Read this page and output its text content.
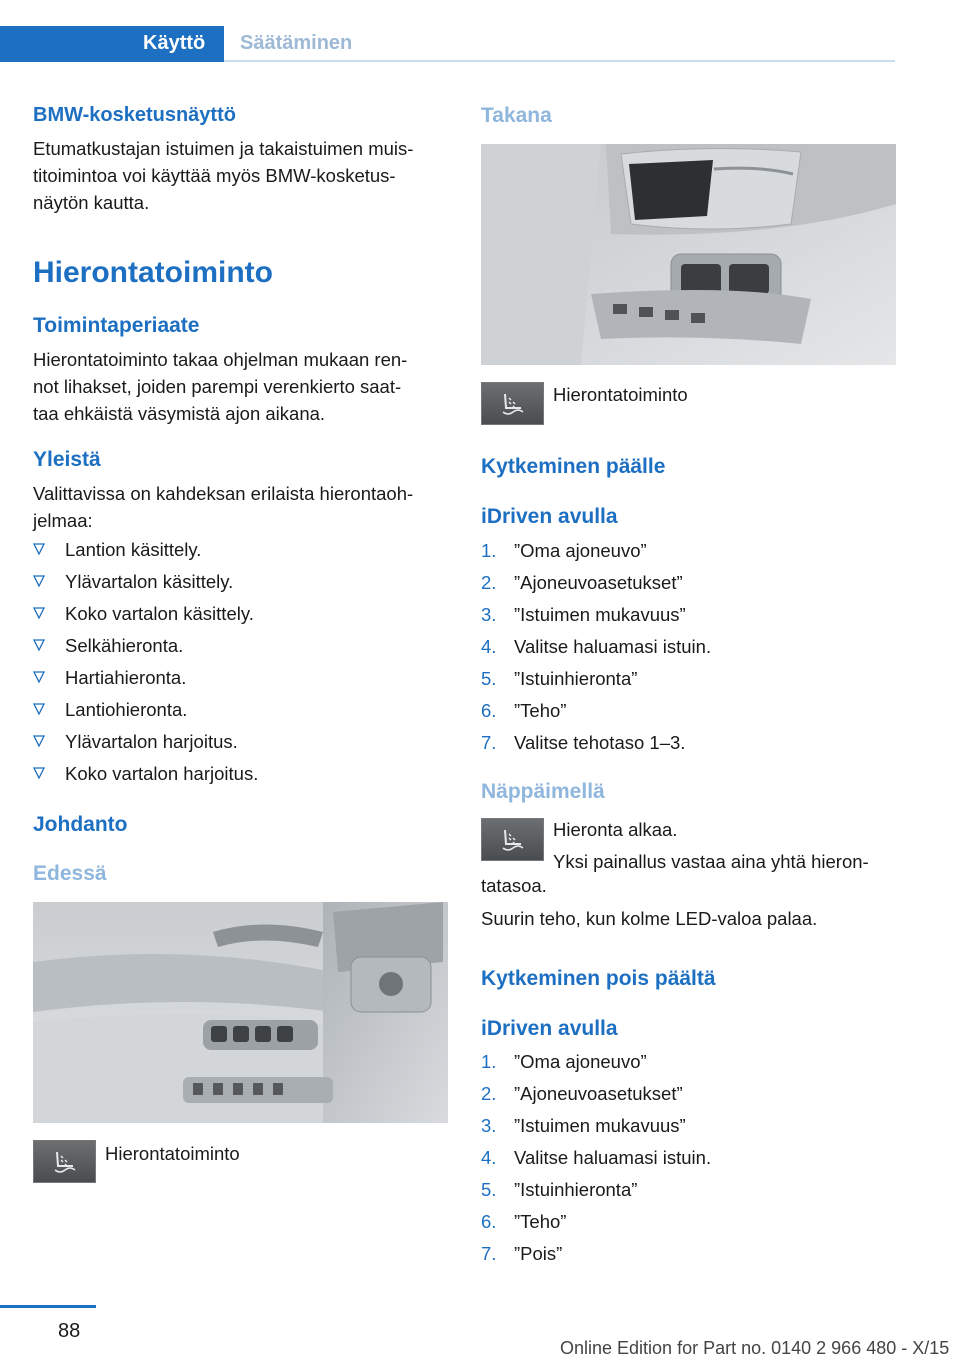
Käyttö	Säätäminen
BMW-kosketusnäyttö
Etumatkustajan istuimen ja takaistuimen muis-
titoimintoa voi käyttää myös BMW-kosketus-
näytön kautta.
Hierontatoiminto
Toimintaperiaate
Hierontatoiminto takaa ohjelman mukaan ren-
not lihakset, joiden parempi verenkierto saat-
taa ehkäistä väsymistä ajon aikana.
Yleistä
Valittavissa on kahdeksan erilaista hierontaoh-
jelmaa:
Lantion käsittely.
Ylävartalon käsittely.
Koko vartalon käsittely.
Selkähieronta.
Hartiahieronta.
Lantiohieronta.
Ylävartalon harjoitus.
Koko vartalon harjoitus.
Johdanto
Edessä
Hierontatoiminto
Takana
Hierontatoiminto
Kytkeminen päälle
iDriven avulla
1. ”Oma ajoneuvo”
2. ”Ajoneuvoasetukset”
3. ”Istuimen mukavuus”
4. Valitse haluamasi istuin.
5. ”Istuinhieronta”
6. ”Teho”
7. Valitse tehotaso 1–3.
Näppäimellä
Hieronta alkaa.
Yksi painallus vastaa aina yhtä hieron-
tatasoa.
Suurin teho, kun kolme LED-valoa palaa.
Kytkeminen pois päältä
iDriven avulla
1. ”Oma ajoneuvo”
2. ”Ajoneuvoasetukset”
3. ”Istuimen mukavuus”
4. Valitse haluamasi istuin.
5. ”Istuinhieronta”
6. ”Teho”
7. ”Pois”
88
Online Edition for Part no. 0140 2 966 480 - X/15
